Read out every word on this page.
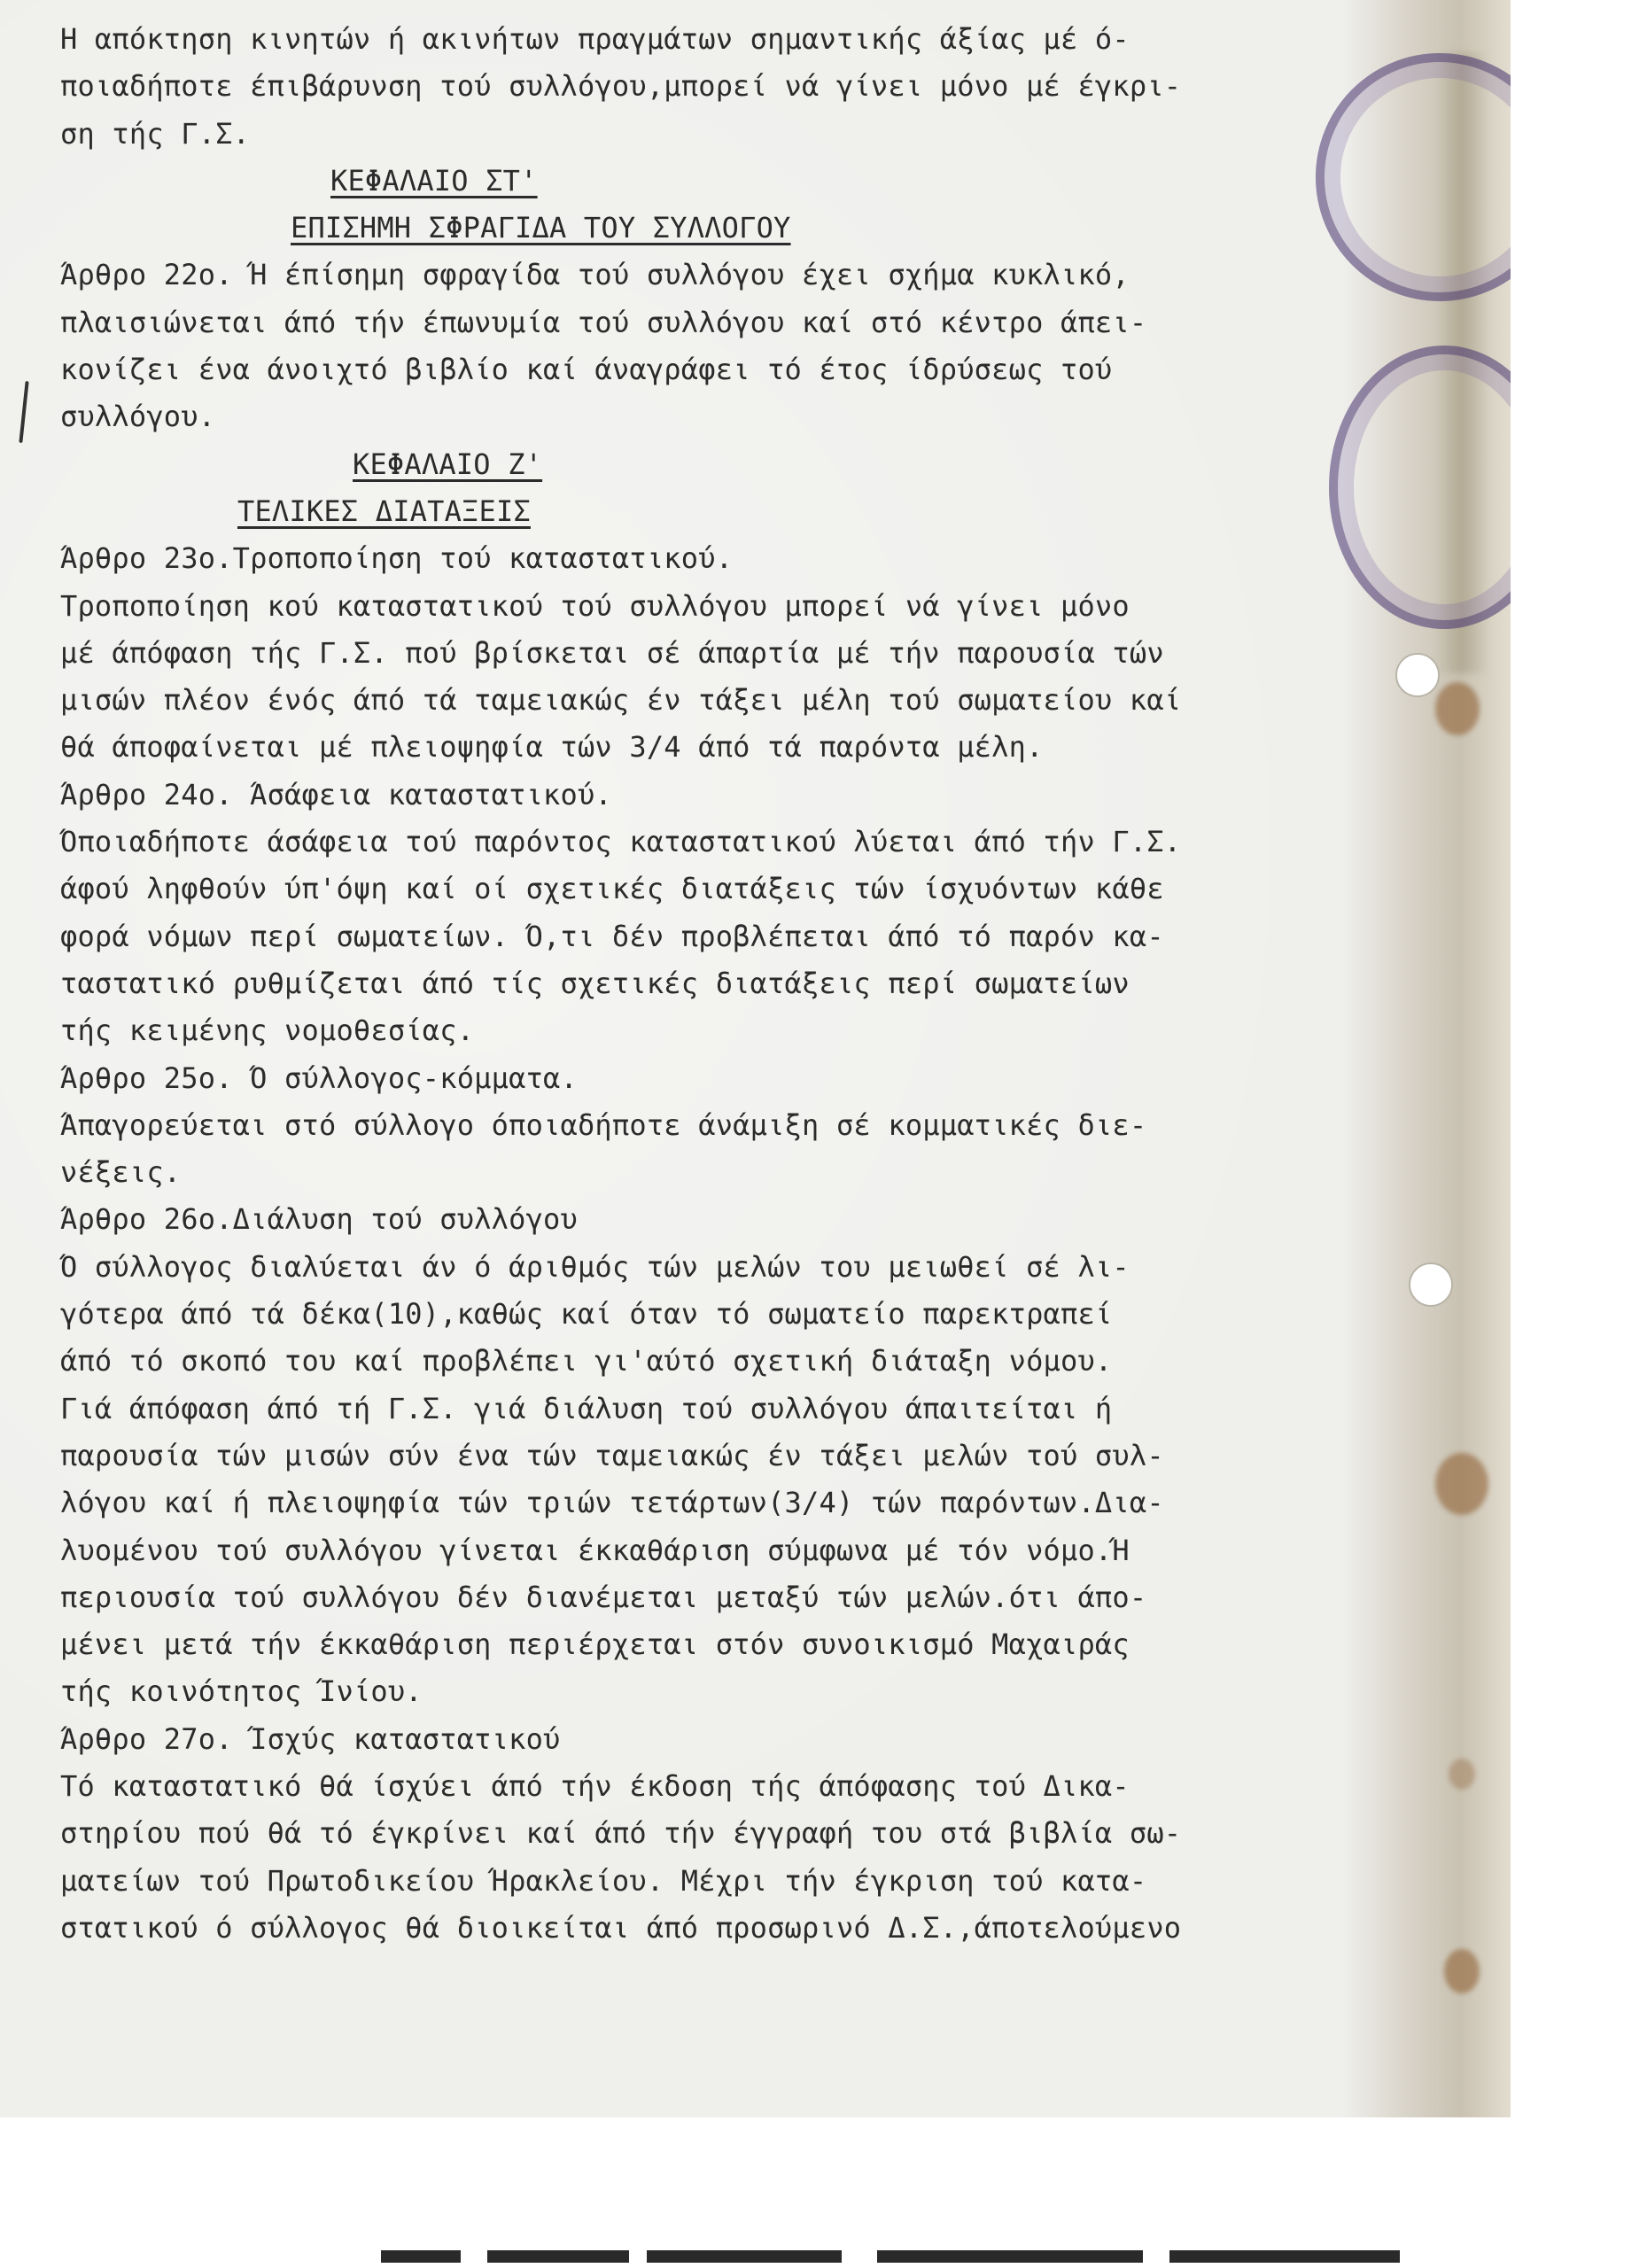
Η απόκτηση κινητών ή ακινήτων πραγμάτων σημαντικής άξίας μέ ό-
ποιαδήποτε έπιβάρυνση τού συλλόγου,μπορεί νά γίνει μόνο μέ έγκρι-
ση τής Γ.Σ.
ΚΕΦΑΛΑΙΟ ΣΤ'
ΕΠΙΣΗΜΗ ΣΦΡΑΓΙΔΑ ΤΟΥ ΣΥΛΛΟΓΟΥ
Άρθρο 22ο. Ή έπίσημη σφραγίδα τού συλλόγου έχει σχήμα κυκλικό,
πλαισιώνεται άπό τήν έπωνυμία τού συλλόγου καί στό κέντρο άπει-
κονίζει ένα άνοιχτό βιβλίο καί άναγράφει τό έτος ίδρύσεως τού
συλλόγου.
ΚΕΦΑΛΑΙΟ Ζ'
ΤΕΛΙΚΕΣ ΔΙΑΤΑΞΕΙΣ
Άρθρο 23ο.Τροποποίηση τού καταστατικού.
Τροποποίηση κού καταστατικού τού συλλόγου μπορεί νά γίνει μόνο
μέ άπόφαση τής Γ.Σ. πού βρίσκεται σέ άπαρτία μέ τήν παρουσία τών
μισών πλέον ένός άπό τά ταμειακώς έν τάξει μέλη τού σωματείου καί
θά άποφαίνεται μέ πλειοψηφία τών 3/4 άπό τά παρόντα μέλη.
Άρθρο 24ο. Άσάφεια καταστατικού.
Όποιαδήποτε άσάφεια τού παρόντος καταστατικού λύεται άπό τήν Γ.Σ.
άφού ληφθούν ύπ'όψη καί οί σχετικές διατάξεις τών ίσχυόντων κάθε
φορά νόμων περί σωματείων. Ό,τι δέν προβλέπεται άπό τό παρόν κα-
ταστατικό ρυθμίζεται άπό τίς σχετικές διατάξεις περί σωματείων
τής κειμένης νομοθεσίας.
Άρθρο 25ο. Ό σύλλογος-κόμματα.
Άπαγορεύεται στό σύλλογο όποιαδήποτε άνάμιξη σέ κομματικές διε-
νέξεις.
Άρθρο 26ο.Διάλυση τού συλλόγου
Ό σύλλογος διαλύεται άν ό άριθμός τών μελών του μειωθεί σέ λι-
γότερα άπό τά δέκα(10),καθώς καί όταν τό σωματείο παρεκτραπεί
άπό τό σκοπό του καί προβλέπει γι'αύτό σχετική διάταξη νόμου.
Γιά άπόφαση άπό τή Γ.Σ. γιά διάλυση τού συλλόγου άπαιτείται ή
παρουσία τών μισών σύν ένα τών ταμειακώς έν τάξει μελών τού συλ-
λόγου καί ή πλειοψηφία τών τριών τετάρτων(3/4) τών παρόντων.Δια-
λυομένου τού συλλόγου γίνεται έκκαθάριση σύμφωνα μέ τόν νόμο.Ή
περιουσία τού συλλόγου δέν διανέμεται μεταξύ τών μελών.ότι άπο-
μένει μετά τήν έκκαθάριση περιέρχεται στόν συνοικισμό Μαχαιράς
τής κοινότητος Ίνίου.
Άρθρο 27ο. Ίσχύς καταστατικού
Τό καταστατικό θά ίσχύει άπό τήν έκδοση τής άπόφασης τού Δικα-
στηρίου πού θά τό έγκρίνει καί άπό τήν έγγραφή του στά βιβλία σω-
ματείων τού Πρωτοδικείου Ήρακλείου. Μέχρι τήν έγκριση τού κατα-
στατικού ό σύλλογος θά διοικείται άπό προσωρινό Δ.Σ.,άποτελούμενο
